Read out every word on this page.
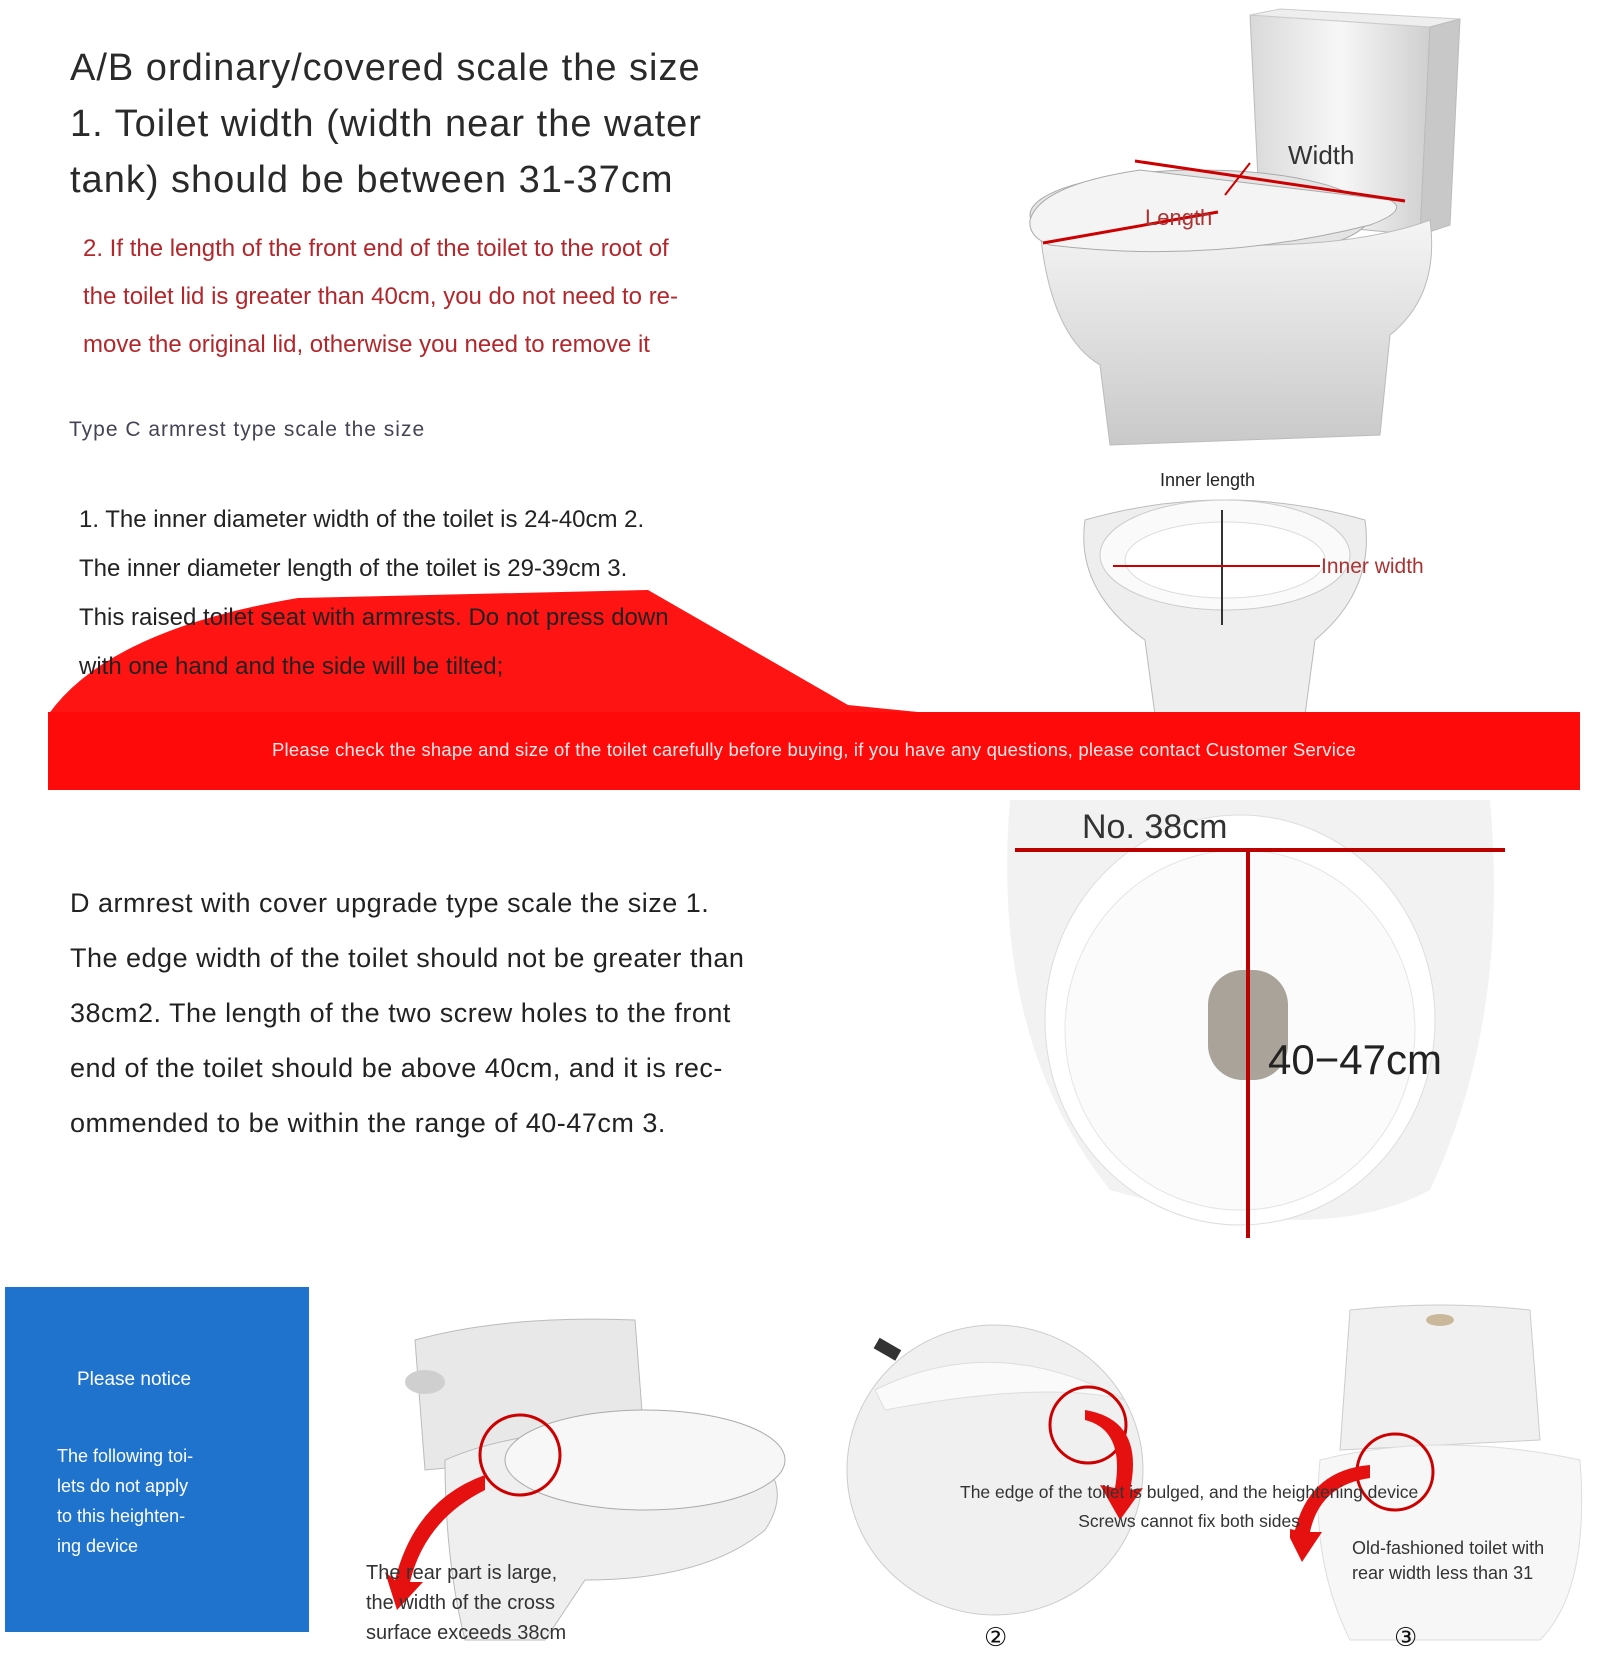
A/B ordinary/covered scale the size
1. Toilet width (width near the water
tank) should be between 31-37cm
2. If the length of the front end of the toilet to the root of
the toilet lid is greater than 40cm, you do not need to re-
move the original lid, otherwise you need to remove it
Width
Length
Type C armrest type scale the size
1. The inner diameter width of the toilet is 24-40cm 2.
The inner diameter length of the toilet is 29-39cm 3.
This raised toilet seat with armrests. Do not press down
with one hand and the side will be tilted;
Inner length
Inner width
Please check the shape and size of the toilet carefully before buying, if you have any questions, please contact Customer Service
D armrest with cover upgrade type scale the size 1.
The edge width of the toilet should not be greater than
38cm2. The length of the two screw holes to the front
end of the toilet should be above 40cm, and it is rec-
ommended to be within the range of 40-47cm 3.
No. 38cm
40−47cm
Please notice
The following toi-
lets do not apply
to this heighten-
ing device
The rear part is large,
the width of the cross
surface exceeds 38cm
The edge of the toilet is bulged, and the heightening device
Screws cannot fix both sides
②
Old-fashioned toilet with
rear width less than 31
③
